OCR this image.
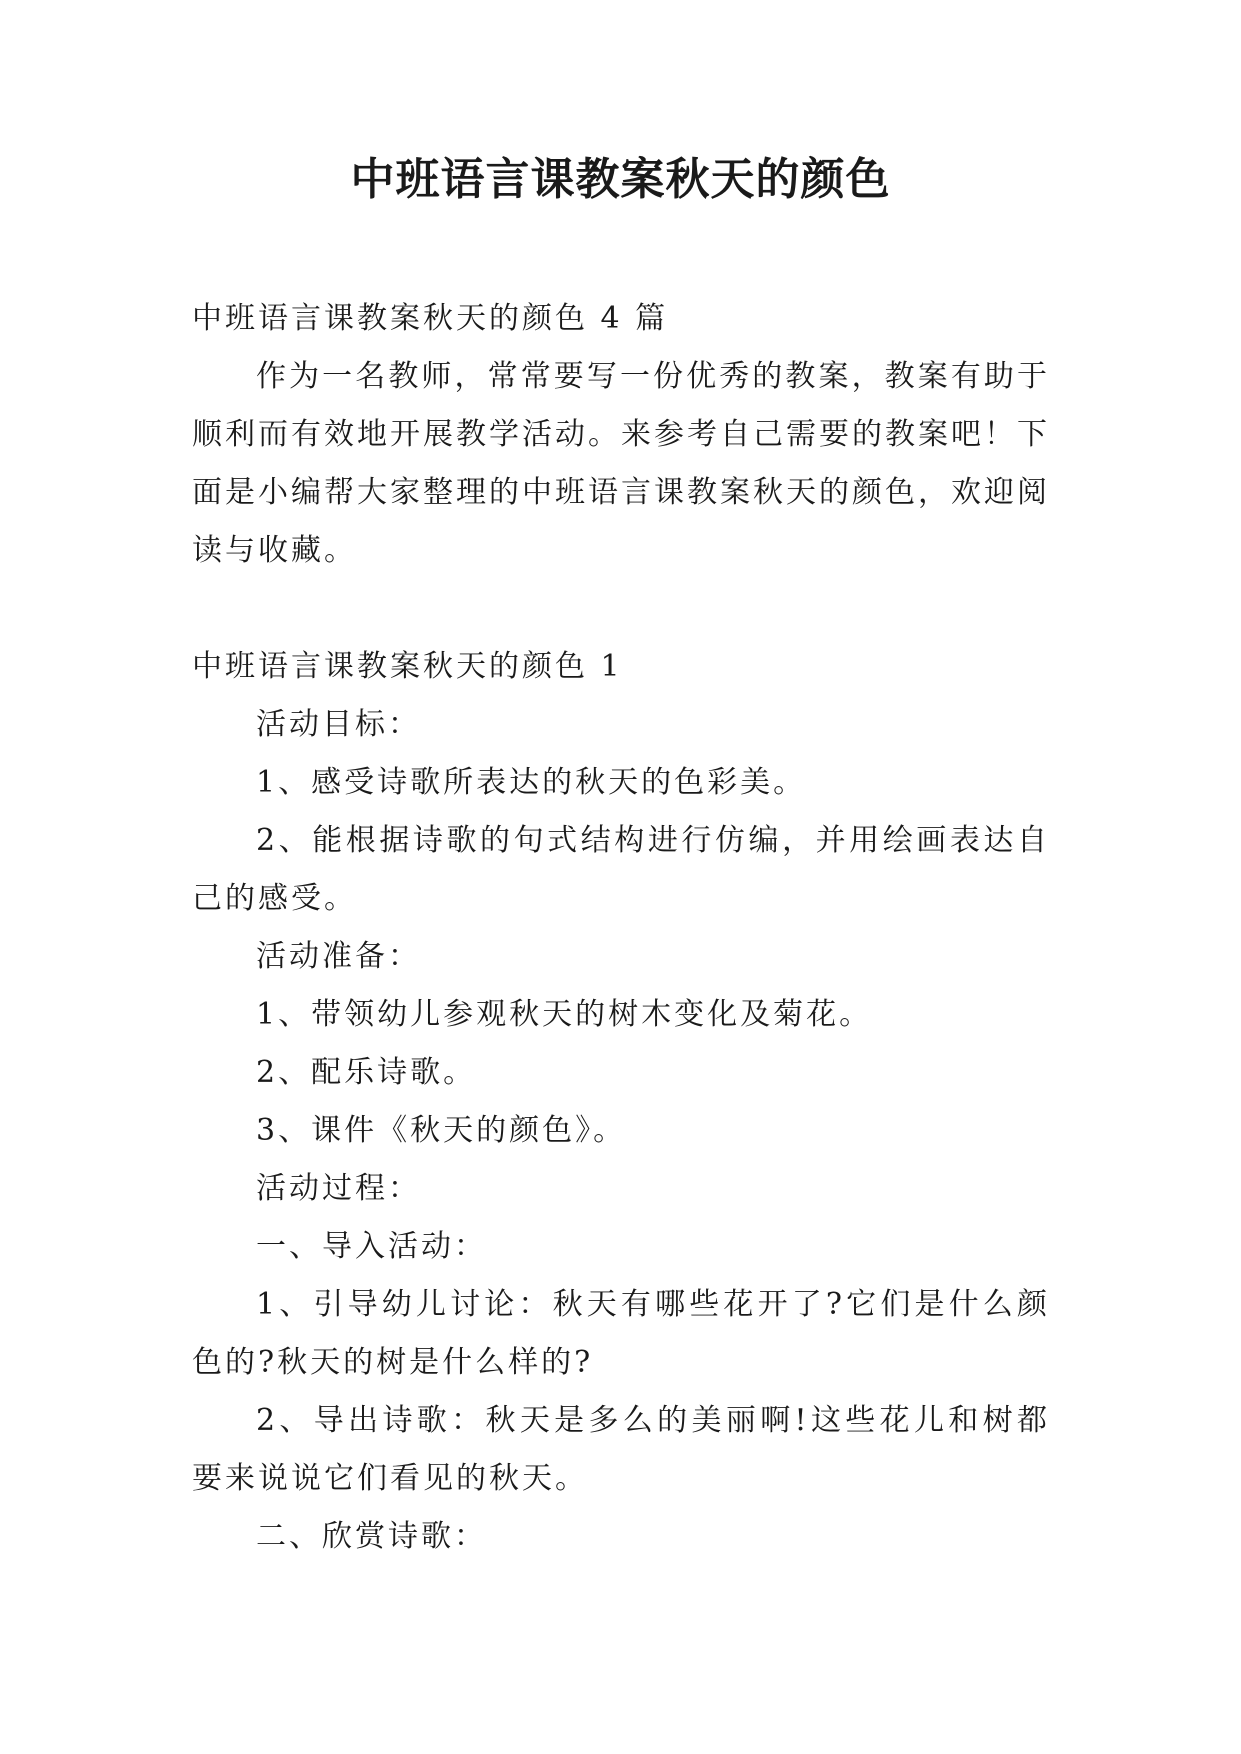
中班语言课教案秋天的颜色

中班语言课教案秋天的颜色 4 篇

作为一名教师，常常要写一份优秀的教案，教案有助于顺利而有效地开展教学活动。来参考自己需要的教案吧！下面是小编帮大家整理的中班语言课教案秋天的颜色，欢迎阅读与收藏。

中班语言课教案秋天的颜色 1

活动目标：

1、感受诗歌所表达的秋天的色彩美。

2、能根据诗歌的句式结构进行仿编，并用绘画表达自己的感受。

活动准备：

1、带领幼儿参观秋天的树木变化及菊花。

2、配乐诗歌。

3、课件《秋天的颜色》。

活动过程：

一、导入活动：

1、引导幼儿讨论：秋天有哪些花开了?它们是什么颜色的?秋天的树是什么样的?

2、导出诗歌：秋天是多么的美丽啊!这些花儿和树都要来说说它们看见的秋天。

二、欣赏诗歌：
